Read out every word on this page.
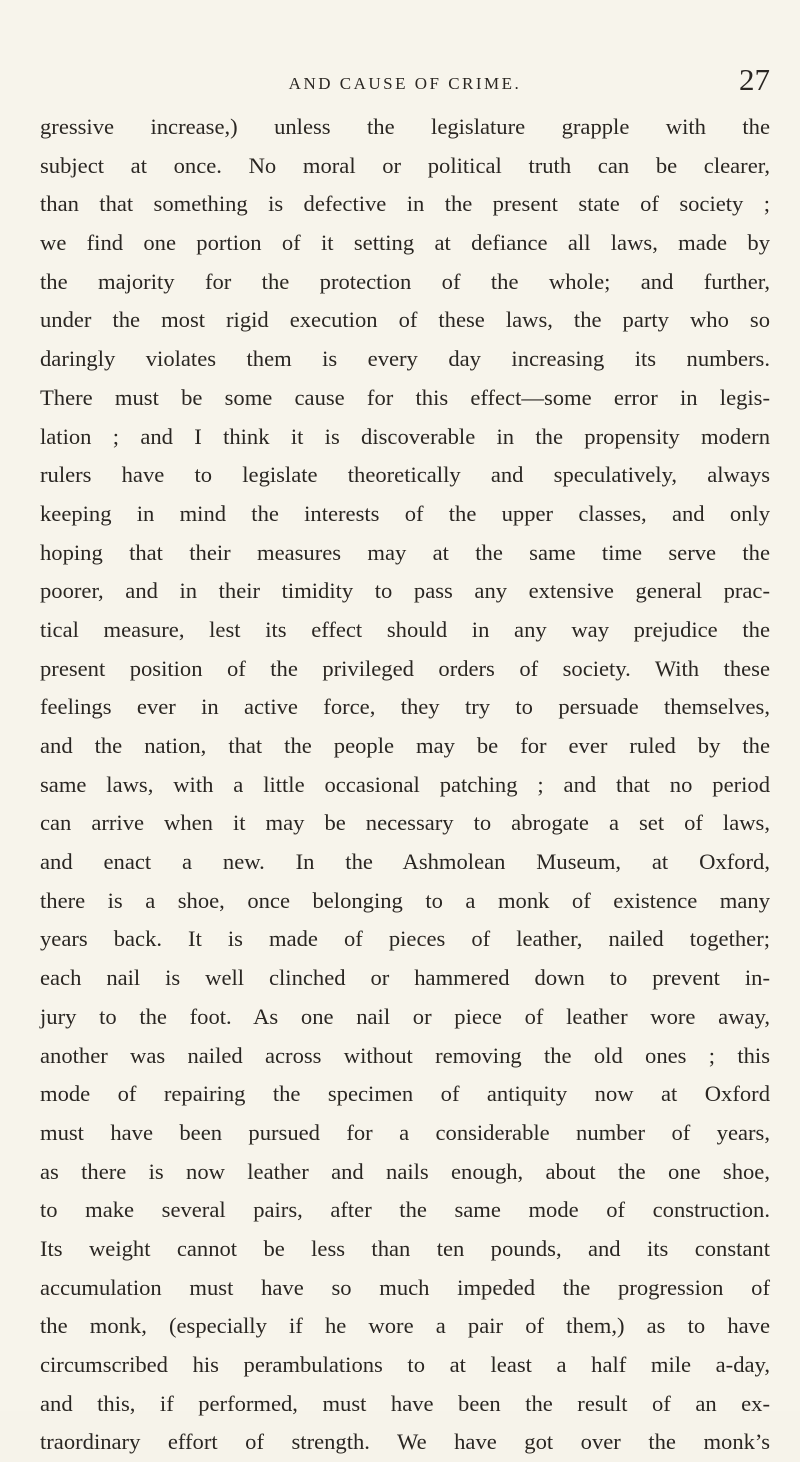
AND CAUSE OF CRIME.	27
gressive increase,) unless the legislature grapple with the
subject at once. No moral or political truth can be clearer,
than that something is defective in the present state of society ;
we find one portion of it setting at defiance all laws, made by
the majority for the protection of the whole; and further,
under the most rigid execution of these laws, the party who so
daringly violates them is every day increasing its numbers.
There must be some cause for this effect—some error in legis-
lation ; and I think it is discoverable in the propensity modern
rulers have to legislate theoretically and speculatively, always
keeping in mind the interests of the upper classes, and only
hoping that their measures may at the same time serve the
poorer, and in their timidity to pass any extensive general prac-
tical measure, lest its effect should in any way prejudice the
present position of the privileged orders of society. With these
feelings ever in active force, they try to persuade themselves,
and the nation, that the people may be for ever ruled by the
same laws, with a little occasional patching ; and that no period
can arrive when it may be necessary to abrogate a set of laws,
and enact a new. In the Ashmolean Museum, at Oxford,
there is a shoe, once belonging to a monk of existence many
years back. It is made of pieces of leather, nailed together;
each nail is well clinched or hammered down to prevent in-
jury to the foot. As one nail or piece of leather wore away,
another was nailed across without removing the old ones ; this
mode of repairing the specimen of antiquity now at Oxford
must have been pursued for a considerable number of years,
as there is now leather and nails enough, about the one shoe,
to make several pairs, after the same mode of construction.
Its weight cannot be less than ten pounds, and its constant
accumulation must have so much impeded the progression of
the monk, (especially if he wore a pair of them,) as to have
circumscribed his perambulations to at least a half mile a-day,
and this, if performed, must have been the result of an ex-
traordinary effort of strength. We have got over the monk’s
